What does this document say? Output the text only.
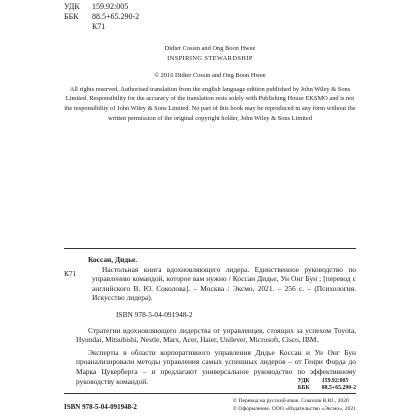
УДК	159.92:005
ББК	88.5+65.290-2
К71

Didier Cossin and Ong Boon Hwee

INSPIRING STEWARDSHIP

© 2016 Didier Cossin and Ong Boon Hwee

All rights reserved. Authorised translation from the english language edition published by John Wiley & Sons Limited. Responsibility for the accuracy of the translation rests solely with Publishing House EKSMO and is not the responsibility of John Wiley & Sons Limited. No part of this book may be reproduced in any form without the written permission of the original copyright holder, John Wiley & Sons Limited

К71

Коссан, Дидье.

Настольная книга вдохновляющего лидера. Единственное руководство по управлению командой, которое вам нужно / Коссан Дидье, Ун Онг Бун ; [перевод с английского В. Ю. Соколова]. – Москва : Эксмо, 2021. – 256 с. – (Психология. Искусство лидера).

ISBN 978-5-04-091948-2

Стратегии вдохновляющего лидерства от управленцев, стоящих за успехом Toyota, Hyundai, Mitsubishi, Nestle, Marx, Acer, Haier, Unilever, Microsoft, Cisco, IBM.

Эксперты в области корпоративного управления Дидье Коссан и Ун Онг Бун проанализировали методы управления самых успешных лидеров – от Генри Форда до Марка Цукерберга – и предлагают универсальное руководство по эффективному руководству командой.	УДК 159.92:005
ББК 88.5+65.290-2
ISBN 978-5-04-091948-2
© Перевод на русский язык. Соколов В.Ю., 2020
© Оформление. ООО «Издательство «Эксмо», 2021
